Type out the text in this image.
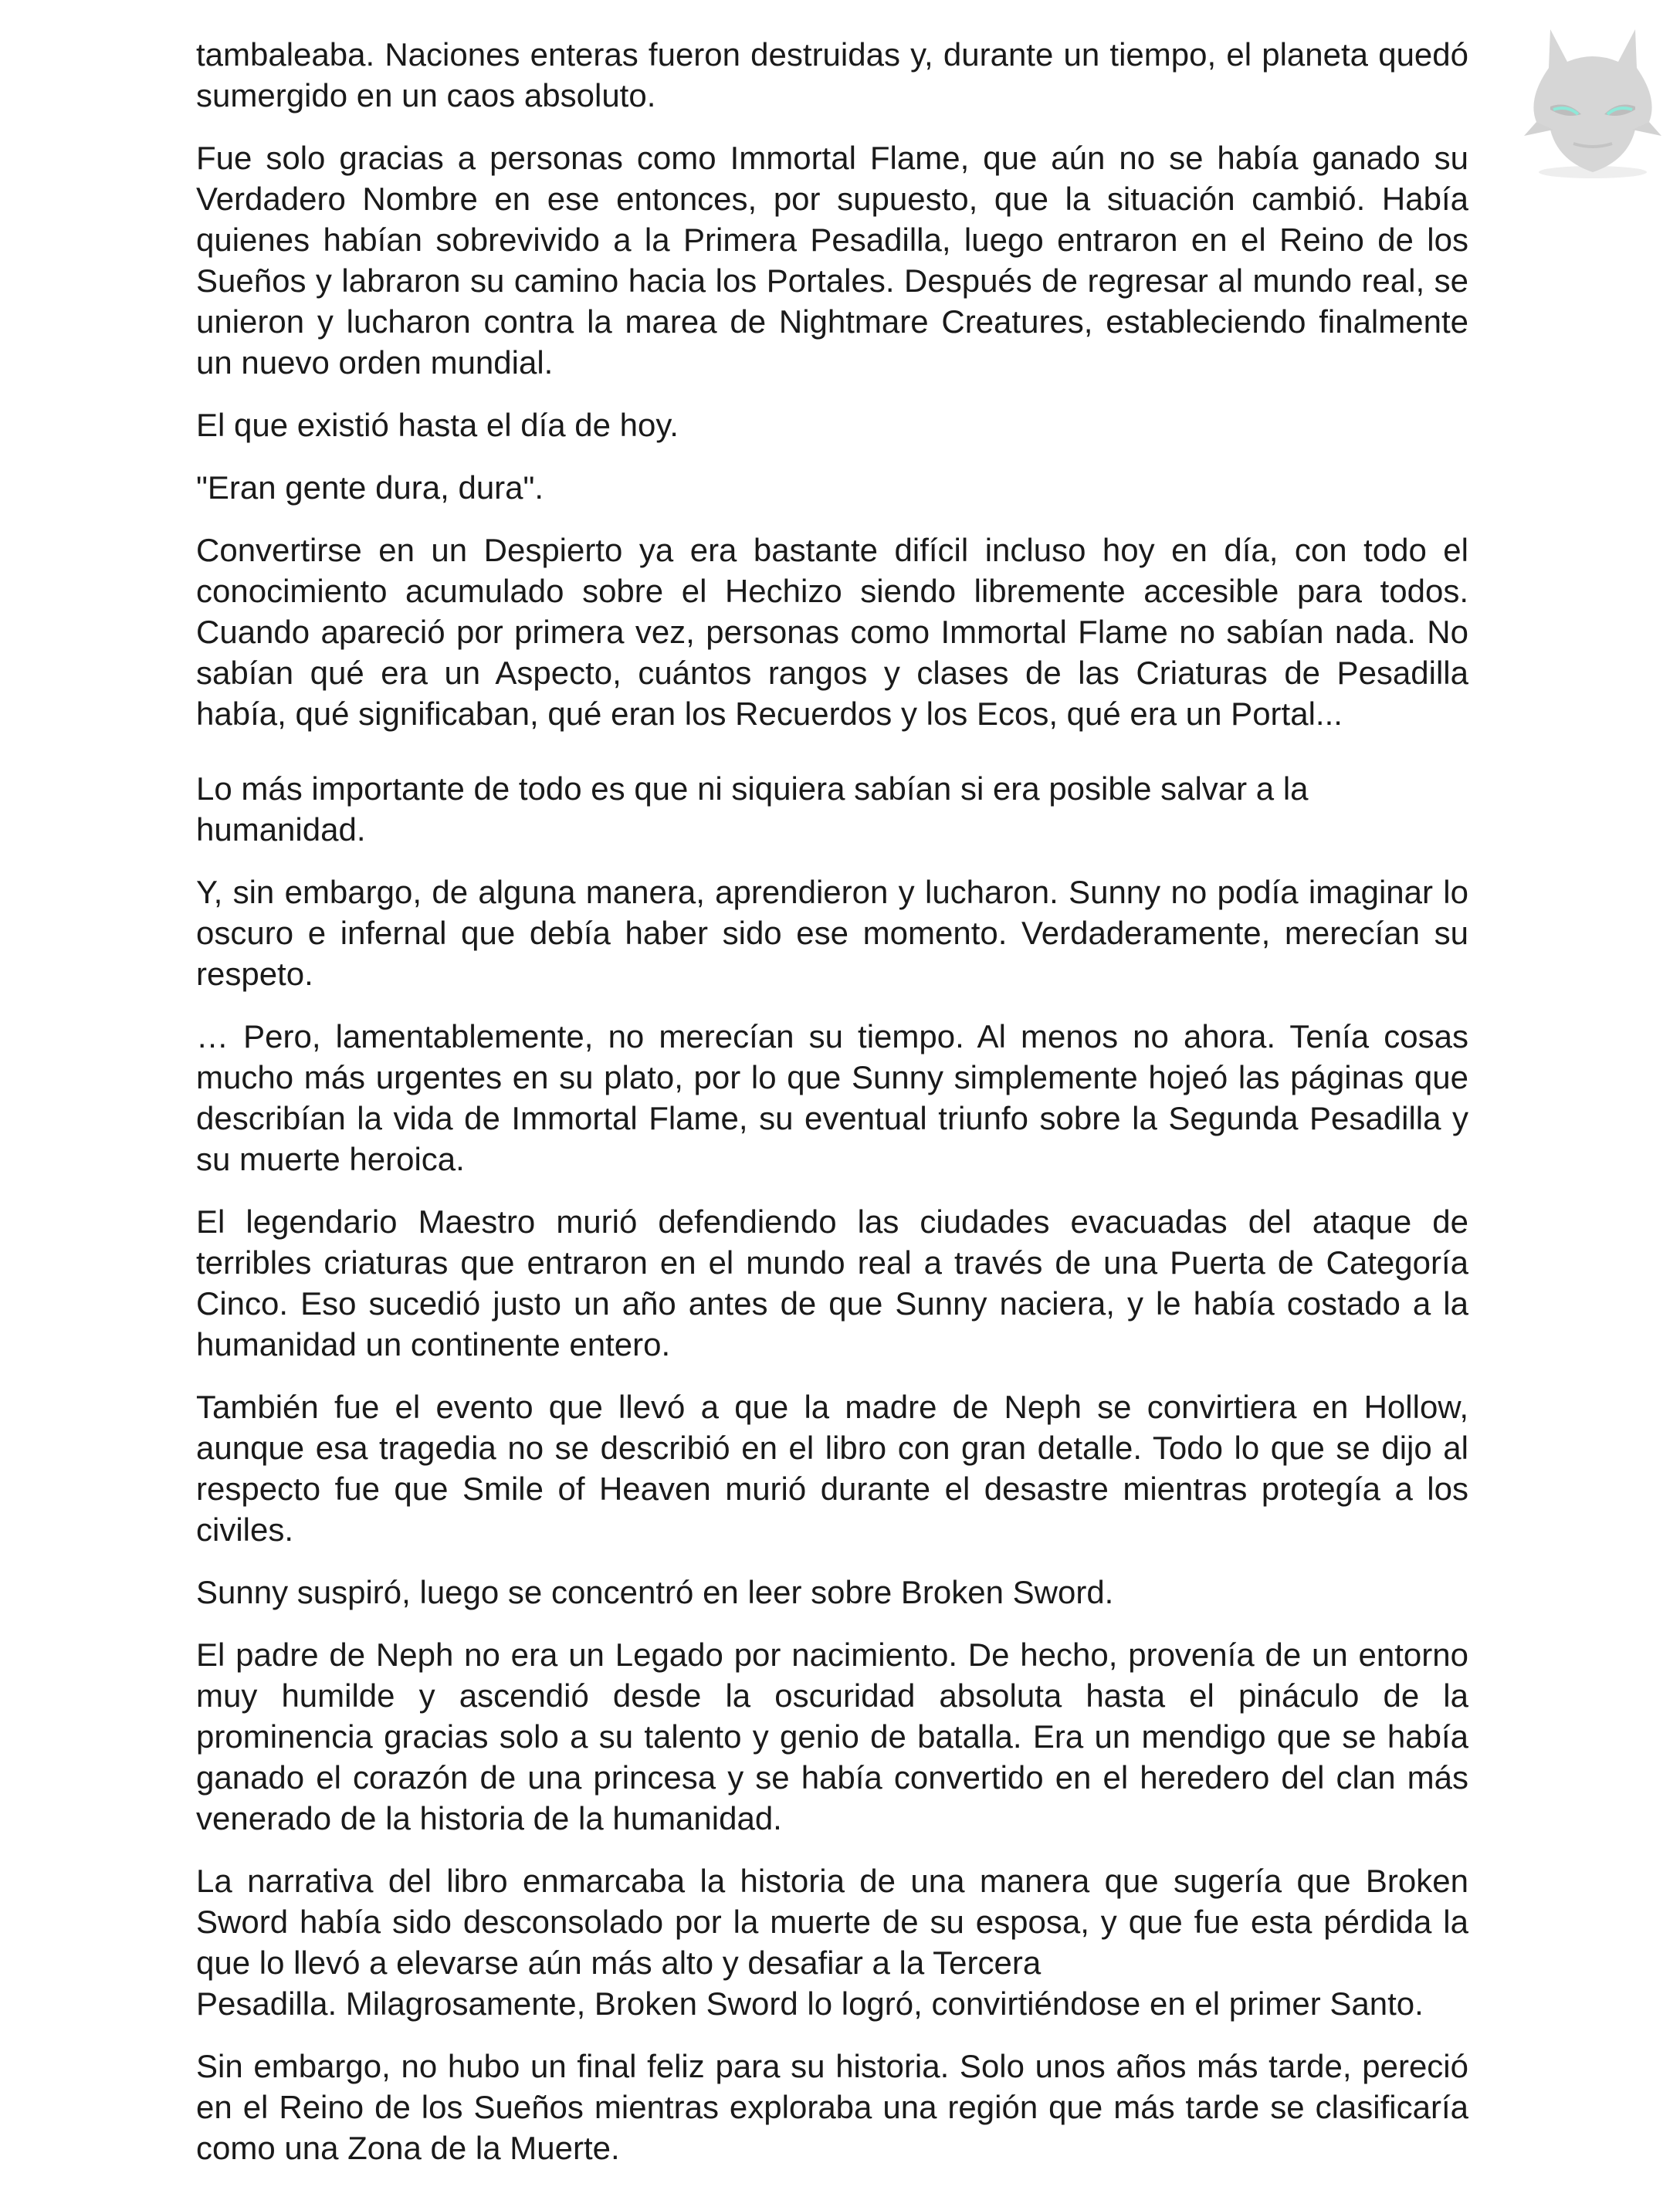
tambaleaba. Naciones enteras fueron destruidas y, durante un tiempo, el planeta quedó sumergido en un caos absoluto.

Fue solo gracias a personas como Immortal Flame, que aún no se había ganado su Verdadero Nombre en ese entonces, por supuesto, que la situación cambió. Había quienes habían sobrevivido a la Primera Pesadilla, luego entraron en el Reino de los Sueños y labraron su camino hacia los Portales. Después de regresar al mundo real, se unieron y lucharon contra la marea de Nightmare Creatures, estableciendo finalmente un nuevo orden mundial.

El que existió hasta el día de hoy.

"Eran gente dura, dura".

Convertirse en un Despierto ya era bastante difícil incluso hoy en día, con todo el conocimiento acumulado sobre el Hechizo siendo libremente accesible para todos. Cuando apareció por primera vez, personas como Immortal Flame no sabían nada. No sabían qué era un Aspecto, cuántos rangos y clases de las Criaturas de Pesadilla había, qué significaban, qué eran los Recuerdos y los Ecos, qué era un Portal...

Lo más importante de todo es que ni siquiera sabían si era posible salvar a la humanidad.

Y, sin embargo, de alguna manera, aprendieron y lucharon. Sunny no podía imaginar lo oscuro e infernal que debía haber sido ese momento. Verdaderamente, merecían su respeto.

… Pero, lamentablemente, no merecían su tiempo. Al menos no ahora. Tenía cosas mucho más urgentes en su plato, por lo que Sunny simplemente hojeó las páginas que describían la vida de Immortal Flame, su eventual triunfo sobre la Segunda Pesadilla y su muerte heroica.

El legendario Maestro murió defendiendo las ciudades evacuadas del ataque de terribles criaturas que entraron en el mundo real a través de una Puerta de Categoría Cinco. Eso sucedió justo un año antes de que Sunny naciera, y le había costado a la humanidad un continente entero.

También fue el evento que llevó a que la madre de Neph se convirtiera en Hollow, aunque esa tragedia no se describió en el libro con gran detalle. Todo lo que se dijo al respecto fue que Smile of Heaven murió durante el desastre mientras protegía a los civiles.

Sunny suspiró, luego se concentró en leer sobre Broken Sword.

El padre de Neph no era un Legado por nacimiento. De hecho, provenía de un entorno muy humilde y ascendió desde la oscuridad absoluta hasta el pináculo de la prominencia gracias solo a su talento y genio de batalla. Era un mendigo que se había ganado el corazón de una princesa y se había convertido en el heredero del clan más venerado de la historia de la humanidad.

La narrativa del libro enmarcaba la historia de una manera que sugería que Broken Sword había sido desconsolado por la muerte de su esposa, y que fue esta pérdida la que lo llevó a elevarse aún más alto y desafiar a la Tercera
Pesadilla. Milagrosamente, Broken Sword lo logró, convirtiéndose en el primer Santo.

Sin embargo, no hubo un final feliz para su historia. Solo unos años más tarde, pereció en el Reino de los Sueños mientras exploraba una región que más tarde se clasificaría como una Zona de la Muerte.
